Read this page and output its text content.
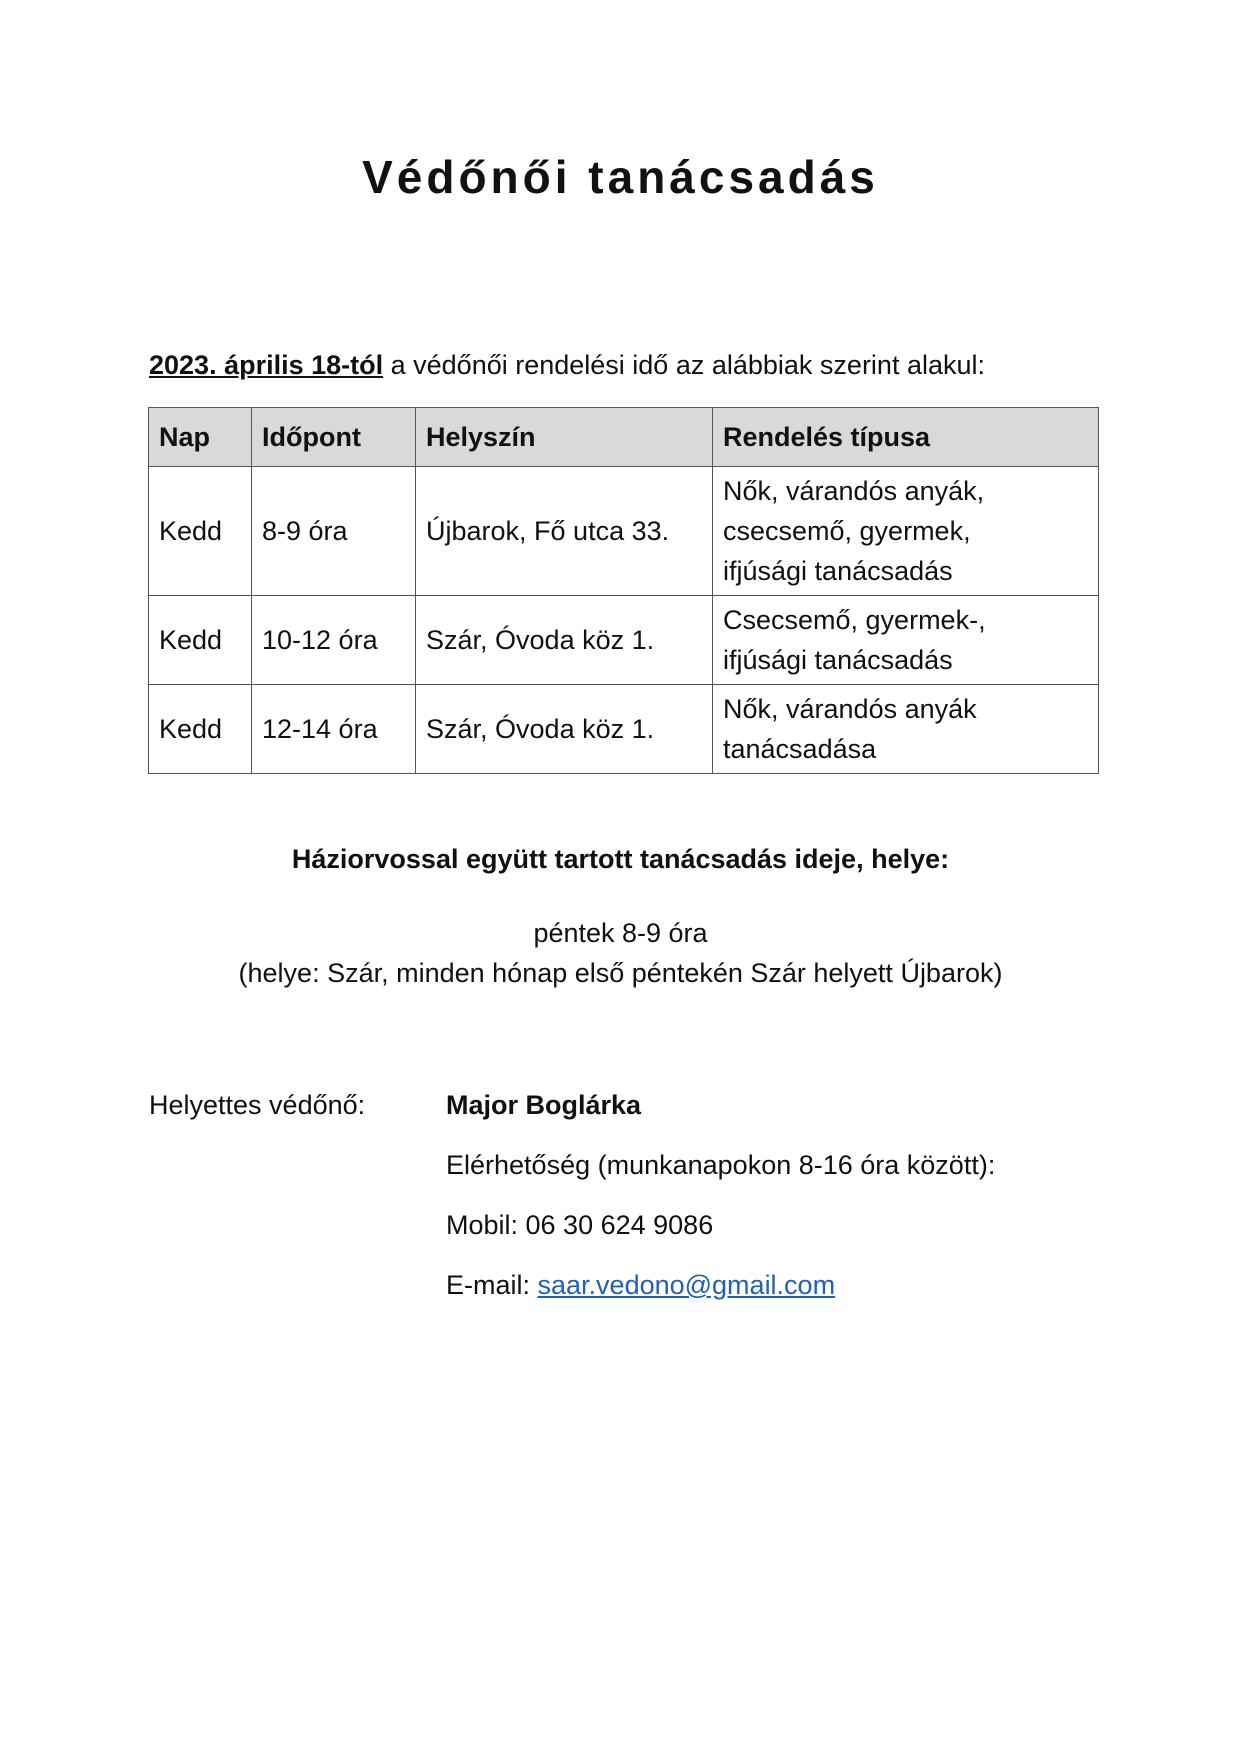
Védőnői tanácsadás
2023. április 18-tól a védőnői rendelési idő az alábbiak szerint alakul:
Nap	Időpont	Helyszín	Rendelés típusa
Kedd	8-9 óra	Újbarok, Fő utca 33.	Nők, várandós anyák,
csecsemő, gyermek,
ifjúsági tanácsadás
Kedd	10-12 óra	Szár, Óvoda köz 1.	Csecsemő, gyermek-,
ifjúsági tanácsadás
Kedd	12-14 óra	Szár, Óvoda köz 1.	Nők, várandós anyák
tanácsadása
Háziorvossal együtt tartott tanácsadás ideje, helye:
péntek 8-9 óra
(helye: Szár, minden hónap első péntekén Szár helyett Újbarok)
Helyettes védőnő:	Major Boglárka
Elérhetőség (munkanapokon 8-16 óra között):
Mobil: 06 30 624 9086
E-mail: saar.vedono@gmail.com
